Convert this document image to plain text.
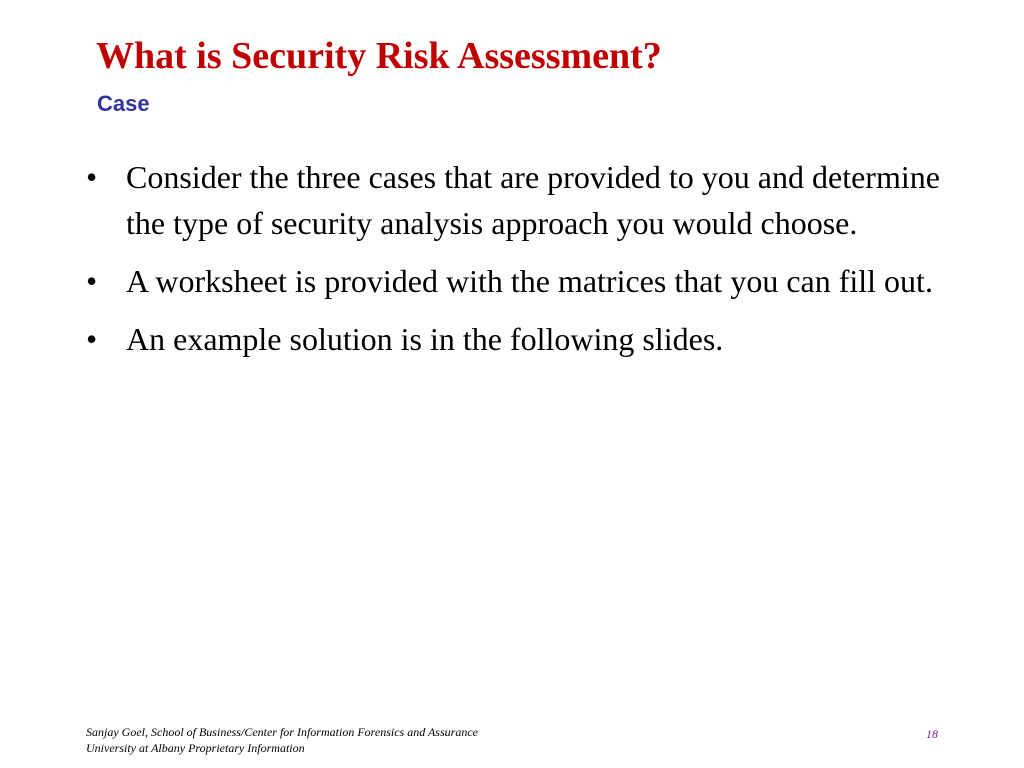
What is Security Risk Assessment?
Case
• Consider the three cases that are provided to you and determine the type of security analysis approach you would choose.
• A worksheet is provided with the matrices that you can fill out.
• An example solution is in the following slides.
Sanjay Goel, School of Business/Center for Information Forensics and Assurance
University at Albany Proprietary Information
18
